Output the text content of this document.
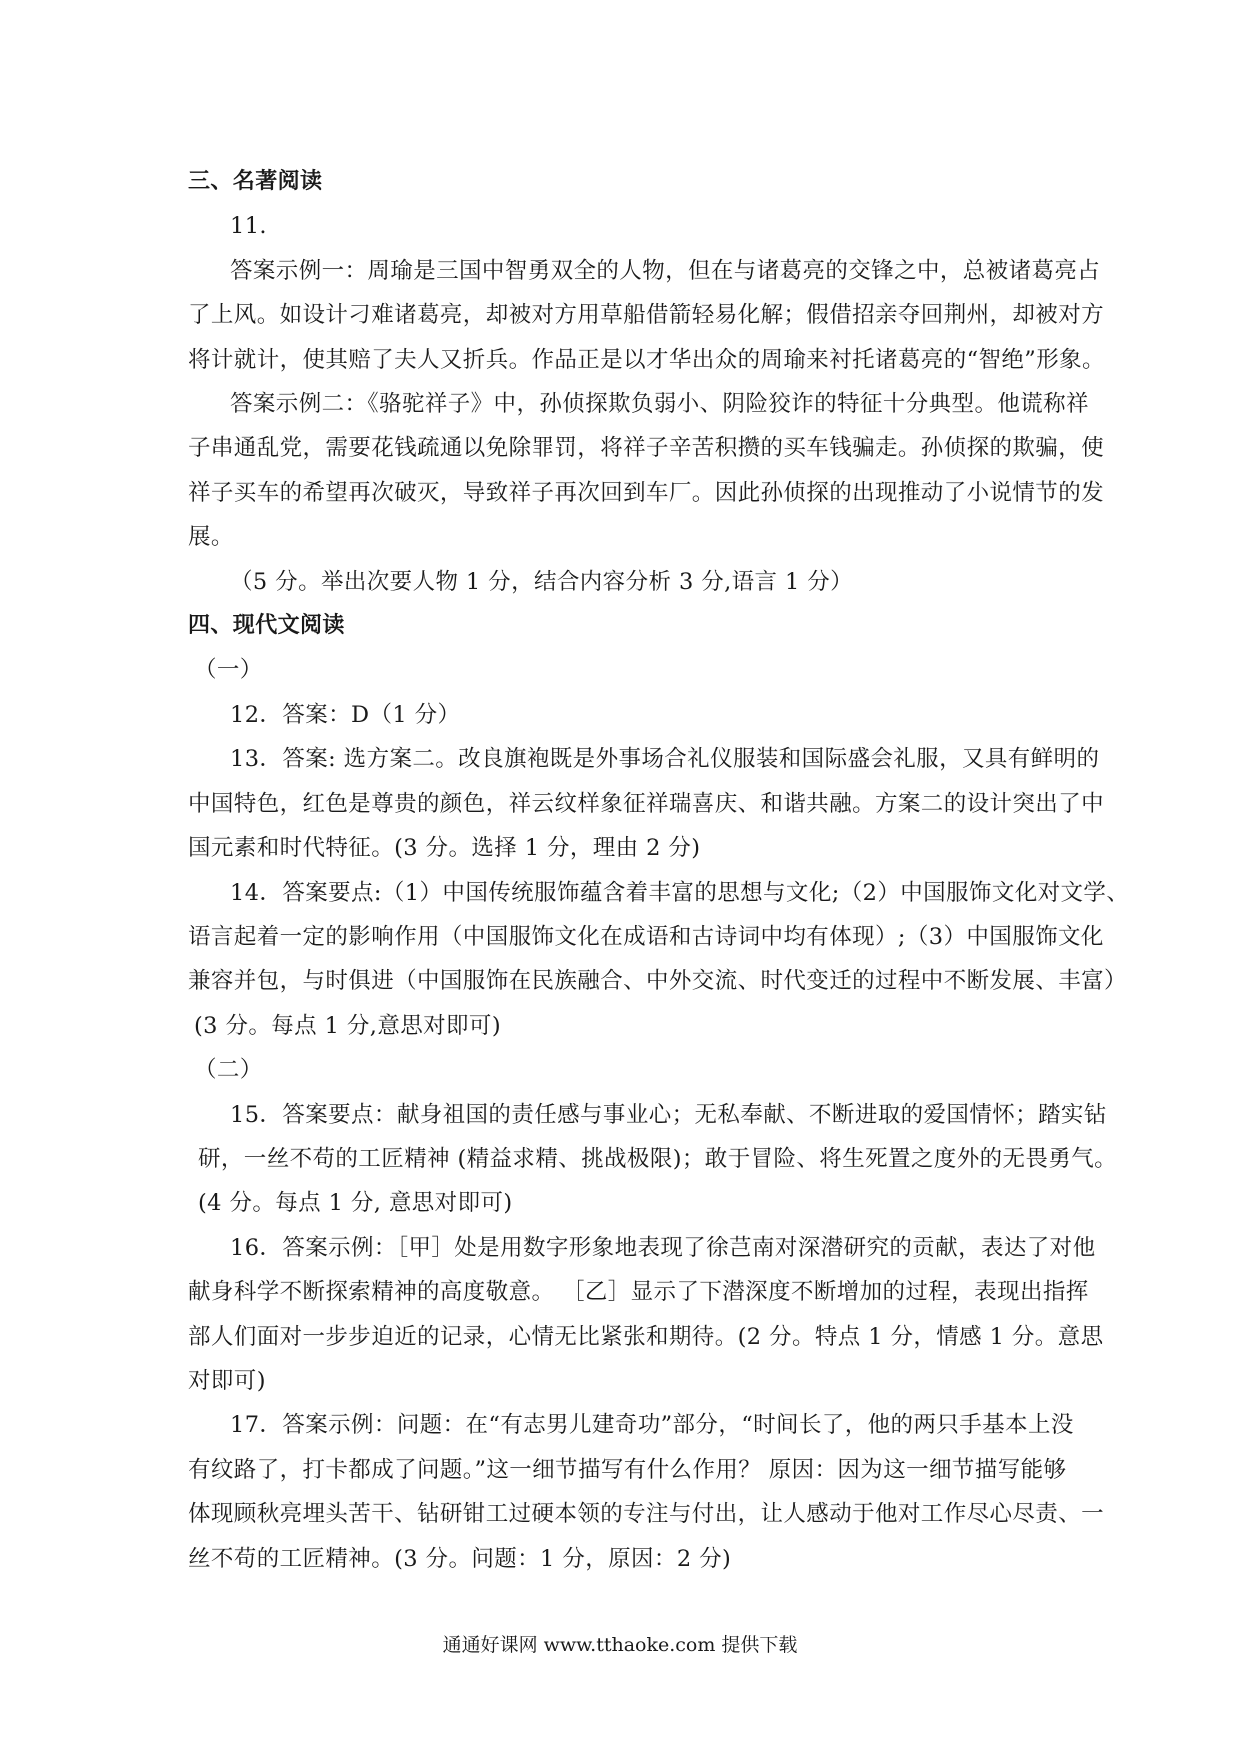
三、名著阅读
11.
答案示例一：周瑜是三国中智勇双全的人物，但在与诸葛亮的交锋之中，总被诸葛亮占
了上风。如设计刁难诸葛亮，却被对方用草船借箭轻易化解；假借招亲夺回荆州，却被对方
将计就计，使其赔了夫人又折兵。作品正是以才华出众的周瑜来衬托诸葛亮的“智绝”形象。
答案示例二：《骆驼祥子》中，孙侦探欺负弱小、阴险狡诈的特征十分典型。他谎称祥
子串通乱党，需要花钱疏通以免除罪罚，将祥子辛苦积攒的买车钱骗走。孙侦探的欺骗，使
祥子买车的希望再次破灭，导致祥子再次回到车厂。因此孙侦探的出现推动了小说情节的发
展。
（5 分。举出次要人物 1 分，结合内容分析 3 分,语言 1 分）
四、现代文阅读
（一）
12．答案：D（1 分）
13．答案: 选方案二。改良旗袍既是外事场合礼仪服装和国际盛会礼服，又具有鲜明的
中国特色，红色是尊贵的颜色，祥云纹样象征祥瑞喜庆、和谐共融。方案二的设计突出了中
国元素和时代特征。(3 分。选择 1 分，理由 2 分)
14．答案要点:（1）中国传统服饰蕴含着丰富的思想与文化;（2）中国服饰文化对文学、
语言起着一定的影响作用（中国服饰文化在成语和古诗词中均有体现）;（3）中国服饰文化
兼容并包，与时俱进（中国服饰在民族融合、中外交流、时代变迁的过程中不断发展、丰富）
(3 分。每点 1 分,意思对即可)
（二）
15．答案要点：献身祖国的责任感与事业心；无私奉献、不断进取的爱国情怀；踏实钻
研，一丝不苟的工匠精神 (精益求精、挑战极限)；敢于冒险、将生死置之度外的无畏勇气。
(4 分。每点 1 分, 意思对即可)
16．答案示例：［甲］处是用数字形象地表现了徐芑南对深潜研究的贡献，表达了对他
献身科学不断探索精神的高度敬意。 ［乙］显示了下潜深度不断增加的过程，表现出指挥
部人们面对一步步迫近的记录，心情无比紧张和期待。(2 分。特点 1 分，情感 1 分。意思
对即可)
17．答案示例：问题：在“有志男儿建奇功”部分，“时间长了，他的两只手基本上没
有纹路了，打卡都成了问题。”这一细节描写有什么作用？ 原因：因为这一细节描写能够
体现顾秋亮埋头苦干、钻研钳工过硬本领的专注与付出，让人感动于他对工作尽心尽责、一
丝不苟的工匠精神。(3 分。问题：1 分，原因：2 分)
通通好课网 www.tthaoke.com 提供下载
